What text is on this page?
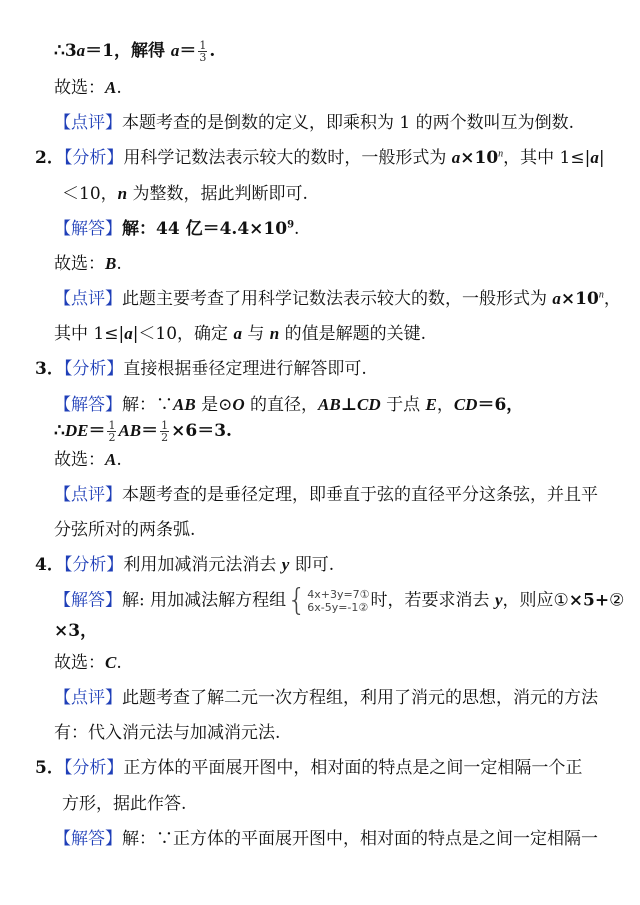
∴3a＝1，解得 $a= \frac{1}{3}$ .
故选：A.
【点评】本题考查的是倒数的定义，即乘积为 1 的两个数叫互为倒数.
2．【分析】用科学记数法表示较大的数时，一般形式为 $a\times 10^n$，其中 1≤|a|
＜10，n 为整数，据此判断即可.
【解答】解：44 亿$=4.4\times 10^9$.
故选：B.
【点评】此题主要考查了用科学记数法表示较大的数，一般形式为 $a\times 10^n$，
其中 1≤|a|＜10，确定 a 与 n 的值是解题的关键.
3．【分析】直接根据垂径定理进行解答即可.
【解答】解：∵AB 是⊙O 的直径，AB⊥CD 于点 E，CD＝6，
∴DE＝ $\frac{1}{2} AB= \frac{1}{2} \times 6=3$.
故选：A.
【点评】本题考查的是垂径定理，即垂直于弦的直径平分这条弦，并且平
分弦所对的两条弧.
4．【分析】利用加减消元法消去 y 即可.
【解答】解: 用加减法解方程组 { 4x+3y=7①
6x-5y=-1② 时，若要求消去 y，则应①×5+②
×3，
故选：C.
【点评】此题考查了解二元一次方程组，利用了消元的思想，消元的方法
有：代入消元法与加减消元法.
5．【分析】正方体的平面展开图中，相对面的特点是之间一定相隔一个正
方形，据此作答.
【解答】解：∵正方体的平面展开图中，相对面的特点是之间一定相隔一
